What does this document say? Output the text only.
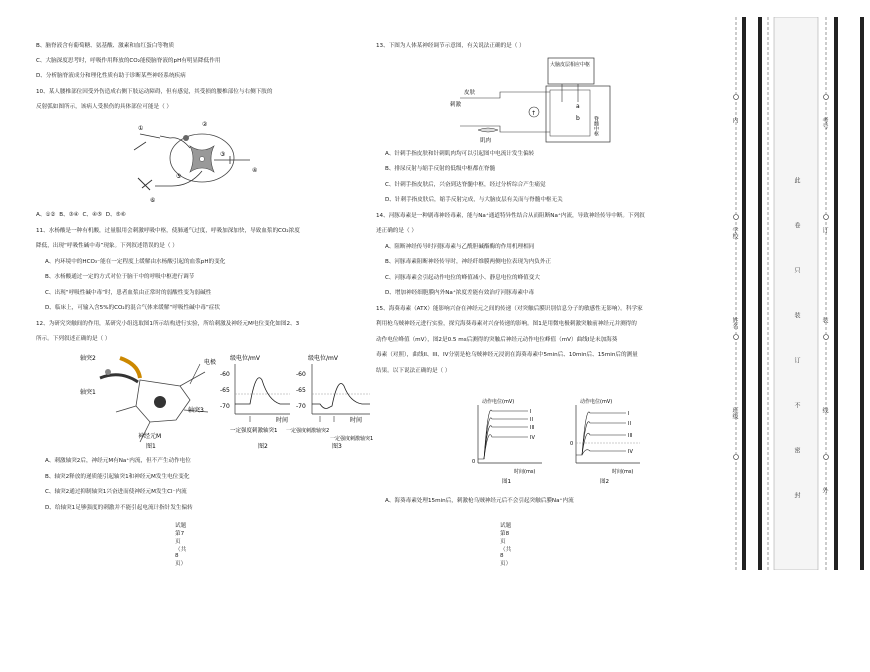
B、脑脊液含有葡萄糖、氨基酸、激素和血红蛋白等物质
C、大脑深度思考时，呼吸作用释放的CO₂能使脑脊液的pH有明显降低作用
D、分析脑脊液成分和理化性质有助于诊断某些神经系统疾病
10、某人腰椎部位因受外伤造成右侧下肢运动障碍，但有感觉，其受损的腰椎部位与右侧下肢的
反射弧如图所示，该病人受损伤的具体部位可能是（ ）
①
②
③
④
⑤
⑥
A、①② B、③④ C、④⑤ D、⑤⑥
11、水杨酸是一种有机酸，过量服用会刺激呼吸中枢，使肺通气过度，呼吸加深加快，导致血浆的CO₂浓度
降低，出现“呼吸性碱中毒”现象。下列叙述错误的是（ ）
A、内环境中的HCO₃⁻能在一定程度上缓解由水杨酸引起的血浆pH的变化
B、水杨酸通过一定的方式对位于脑干中的呼吸中枢进行调节
C、出现“呼吸性碱中毒”时，患者血浆由正常时的弱酸性变为弱碱性
D、临床上，可输入含5%的CO₂的混合气体来缓解“呼吸性碱中毒”症状
12、为研究突触间的作用，某研究小组选取图1所示结构进行实验，所给刺激及神经元M电位变化如图2、3
所示。下列叙述正确的是（ ）
轴突2
轴突1
电极
轴突3
神经元M
图1
级电位/mV
-60
-65
-70
时间
一定强度刺激轴突1
图2
级电位/mV
-60
-65
-70
时间
一定强度刺激轴突2
一定强度刺激轴突1
图3
A、刺激轴突2后，神经元M有Na⁺内流，但不产生动作电位
B、轴突2释放的递质能引起轴突1和神经元M发生电位变化
C、轴突2通过抑制轴突1兴奋进而使神经元M发生Cl⁻内流
D、给轴突1足够强度的刺激并不能引起电流计指针发生偏转
试题 第7页（共8页）
13、下图为人体某神经调节示意图，有关说法正确的是（ ）
↑
大脑皮层相应中枢
皮肤
刺激
肌肉
脊髓中枢
a
b
A、针刺手指皮肤和针刺肌肉均可以引起图中电流计发生偏转
B、排尿反射与缩手反射的低级中枢都在脊髓
C、针刺手指皮肤后，兴奋到达脊髓中枢，经过分析综合产生痛觉
D、针刺手指皮肤后，缩手反射完成，与大脑皮层有关而与脊髓中枢无关
14、河豚毒素是一种剧毒神经毒素，能与Na⁺通道特异性结合从而阻断Na⁺内流，导致神经传导中断。下列叙
述正确的是（ ）
A、阻断神经传导时河豚毒素与乙酰胆碱酯酶的作用机理相同
B、河豚毒素阻断神经传导时，神经纤维膜两侧电位表现为内负外正
C、河豚毒素会引起动作电位的峰值减小、静息电位的峰值变大
D、增加神经细胞膜内外Na⁺浓度差能有效治疗河豚毒素中毒
15、海葵毒素（ATX）能影响兴奋在神经元之间的传递（对突触后膜识别信息分子的敏感性无影响）。科学家
利用枪乌贼神经元进行实验，探究海葵毒素对兴奋传递的影响。图1是用微电极刺激突触前神经元并测得的
动作电位峰值（mV），图2是0.5 ms后测得的突触后神经元动作电位峰值（mV）曲线I是未加海葵
毒素（对照），曲线II、III、IV分别是枪乌贼神经元浸润在海葵毒素中5min后、10min后、15min后的测量
结果。以下说法正确的是（ ）
动作电位(mV)
0
I
II
III
IV
时间(ms)
图1
动作电位(mV)
0
I
II
III
IV
时间(ms)
图2
A、海葵毒素处理15min后，刺激枪乌贼神经元后不会引起突触后膜Na⁺内流
试题 第8页（共8页）
内
学校
姓名
班级
此
卷
只
装
订
不
密
封
考号
订
装
线
外
